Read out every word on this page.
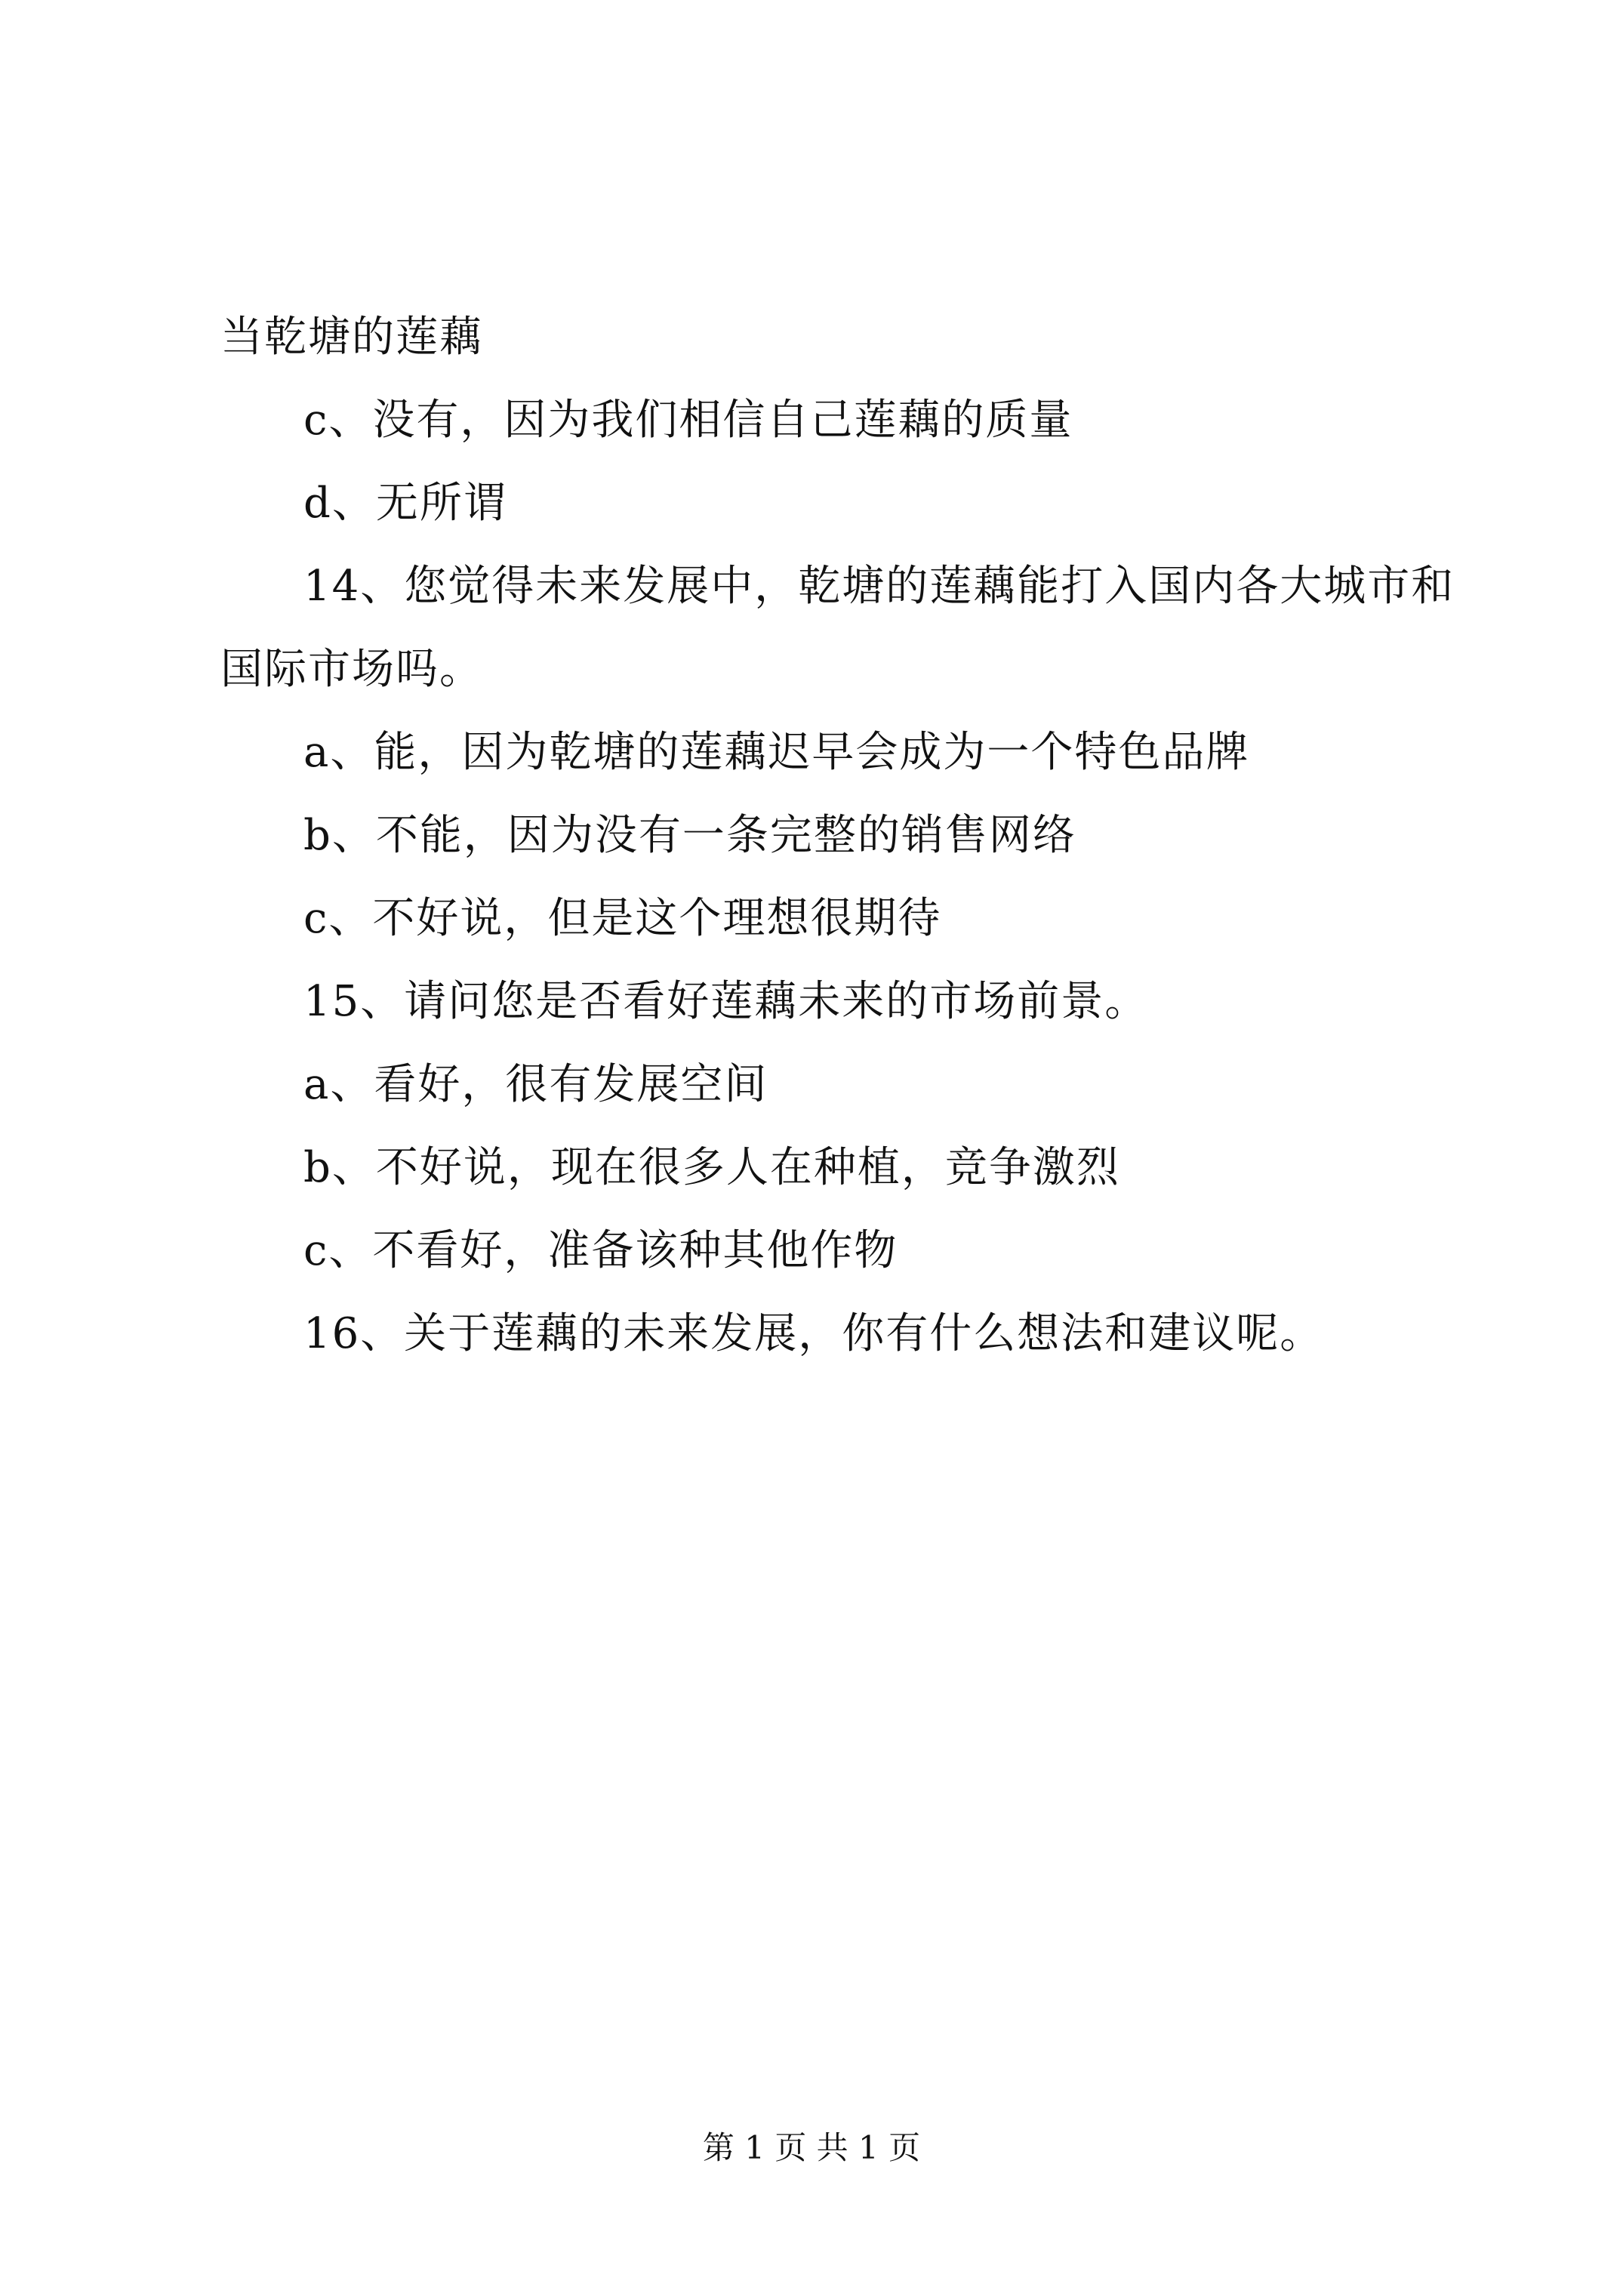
当乾塘的莲藕
c、没有，因为我们相信自己莲藕的质量
d、无所谓
14、您觉得未来发展中，乾塘的莲藕能打入国内各大城市和
国际市场吗。
a、能，因为乾塘的莲藕迟早会成为一个特色品牌
b、不能，因为没有一条完整的销售网络
c、不好说，但是这个理想很期待
15、请问您是否看好莲藕未来的市场前景。
a、看好，很有发展空间
b、不好说，现在很多人在种植，竞争激烈
c、不看好，准备该种其他作物
16、关于莲藕的未来发展，你有什么想法和建议呢。
第 1 页 共 1 页
